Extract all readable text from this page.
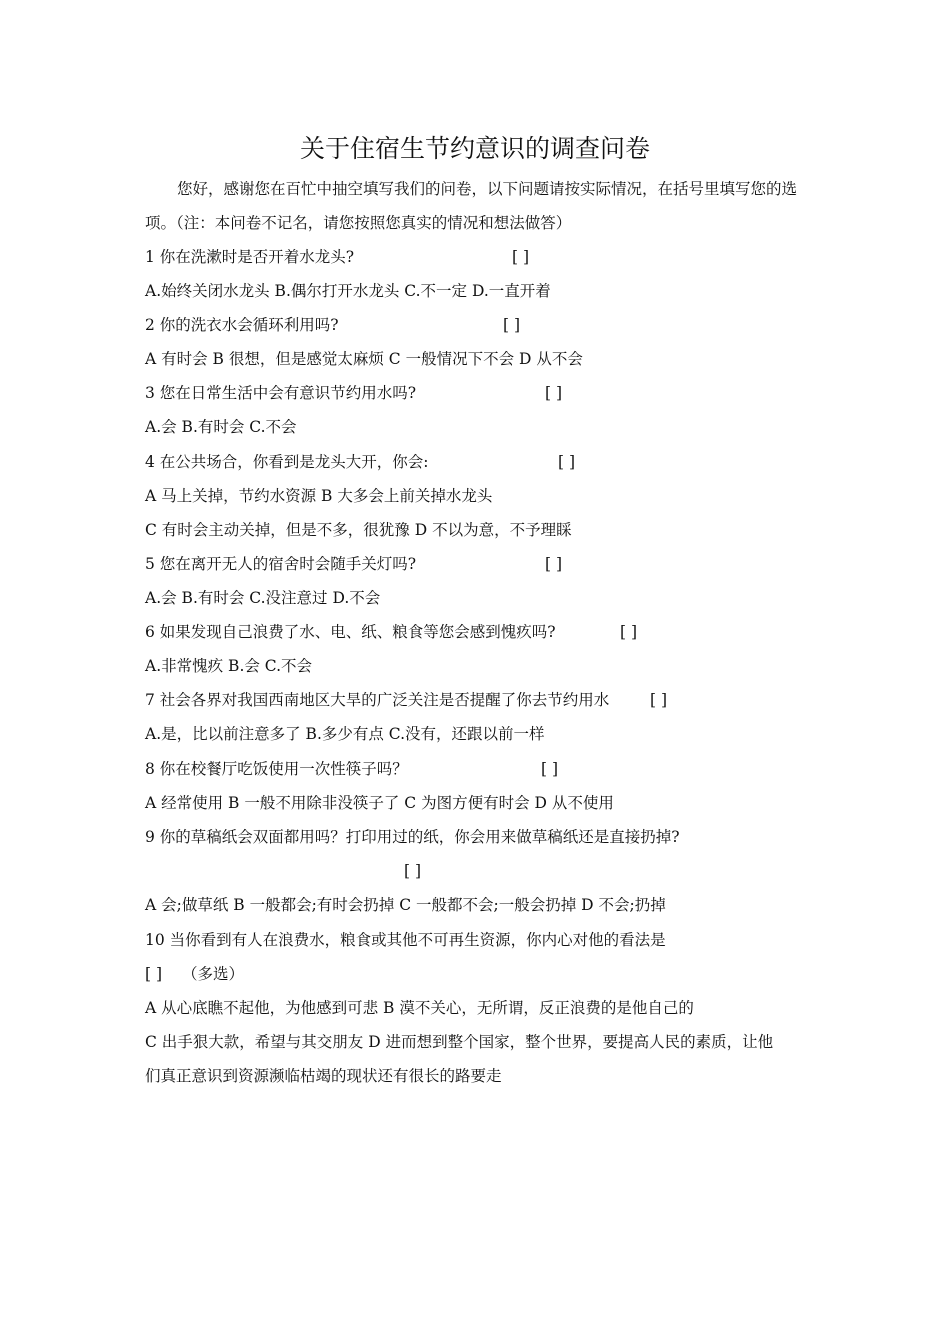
关于住宿生节约意识的调查问卷

您好，感谢您在百忙中抽空填写我们的问卷，以下问题请按实际情况，在括号里填写您的选项。（注：本问卷不记名，请您按照您真实的情况和想法做答）

1 你在洗漱时是否开着水龙头?	[ ]

A.始终关闭水龙头 B.偶尔打开水龙头 C.不一定 D.一直开着

2 你的洗衣水会循环利用吗?	[ ]

A 有时会 B 很想，但是感觉太麻烦 C 一般情况下不会 D 从不会

3 您在日常生活中会有意识节约用水吗?	[ ]

A.会 B.有时会 C.不会

4 在公共场合，你看到是龙头大开，你会:	[ ]

A 马上关掉，节约水资源 B 大多会上前关掉水龙头

C 有时会主动关掉，但是不多，很犹豫 D 不以为意，不予理睬

5 您在离开无人的宿舍时会随手关灯吗?	[ ]

A.会 B.有时会 C.没注意过 D.不会

6 如果发现自己浪费了水、电、纸、粮食等您会感到愧疚吗?	[ ]

A.非常愧疚 B.会 C.不会

7 社会各界对我国西南地区大旱的广泛关注是否提醒了你去节约用水	[ ]

A.是，比以前注意多了 B.多少有点 C.没有，还跟以前一样

8 你在校餐厅吃饭使用一次性筷子吗？	[ ]

A 经常使用 B 一般不用除非没筷子了 C 为图方便有时会 D 从不使用

9 你的草稿纸会双面都用吗？打印用过的纸，你会用来做草稿纸还是直接扔掉?

[ ]

A 会;做草纸 B 一般都会;有时会扔掉 C 一般都不会;一般会扔掉 D 不会;扔掉

10 当你看到有人在浪费水，粮食或其他不可再生资源，你内心对他的看法是

[ ] （多选）

A 从心底瞧不起他，为他感到可悲 B 漠不关心，无所谓，反正浪费的是他自己的

C 出手狠大款，希望与其交朋友 D 进而想到整个国家，整个世界，要提高人民的素质，让他

们真正意识到资源濒临枯竭的现状还有很长的路要走
